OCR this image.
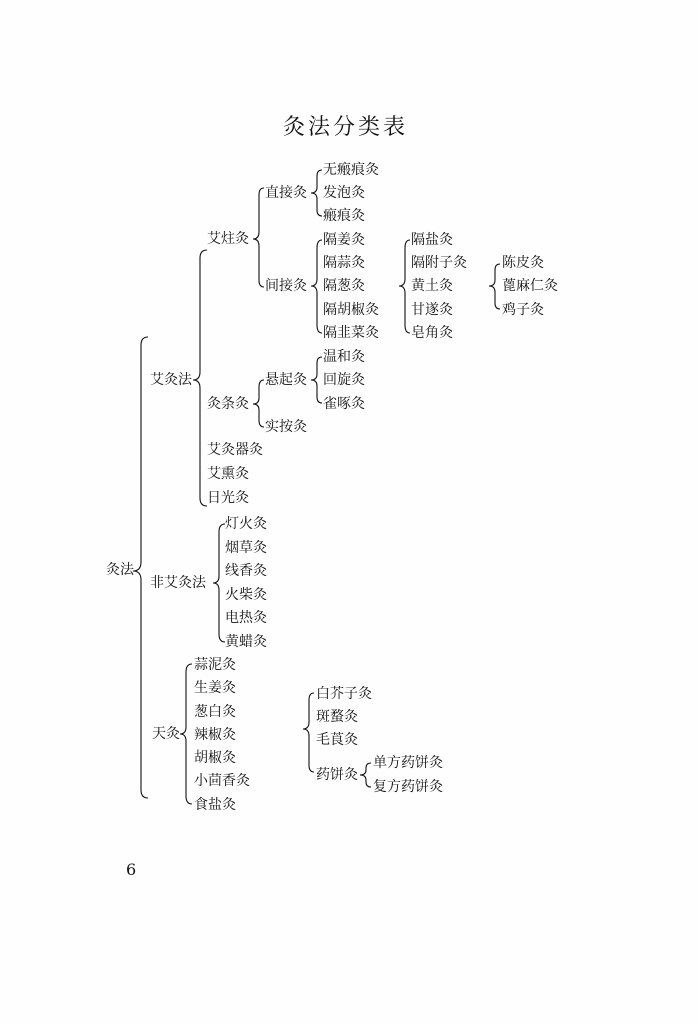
灸法分类表
灸法
艾灸法
非艾灸法
天灸
艾炷灸
灸条灸
艾灸器灸
艾熏灸
日光灸
直接灸
间接灸
悬起灸
实按灸
无瘢痕灸
发泡灸
瘢痕灸
隔姜灸
隔蒜灸
隔葱灸
隔胡椒灸
隔韭菜灸
隔盐灸
隔附子灸
黄土灸
甘遂灸
皂角灸
陈皮灸
蓖麻仁灸
鸡子灸
温和灸
回旋灸
雀啄灸
灯火灸
烟草灸
线香灸
火柴灸
电热灸
黄蜡灸
蒜泥灸
生姜灸
葱白灸
辣椒灸
胡椒灸
小茴香灸
食盐灸
白芥子灸
斑蝥灸
毛莨灸
药饼灸
单方药饼灸
复方药饼灸
6
